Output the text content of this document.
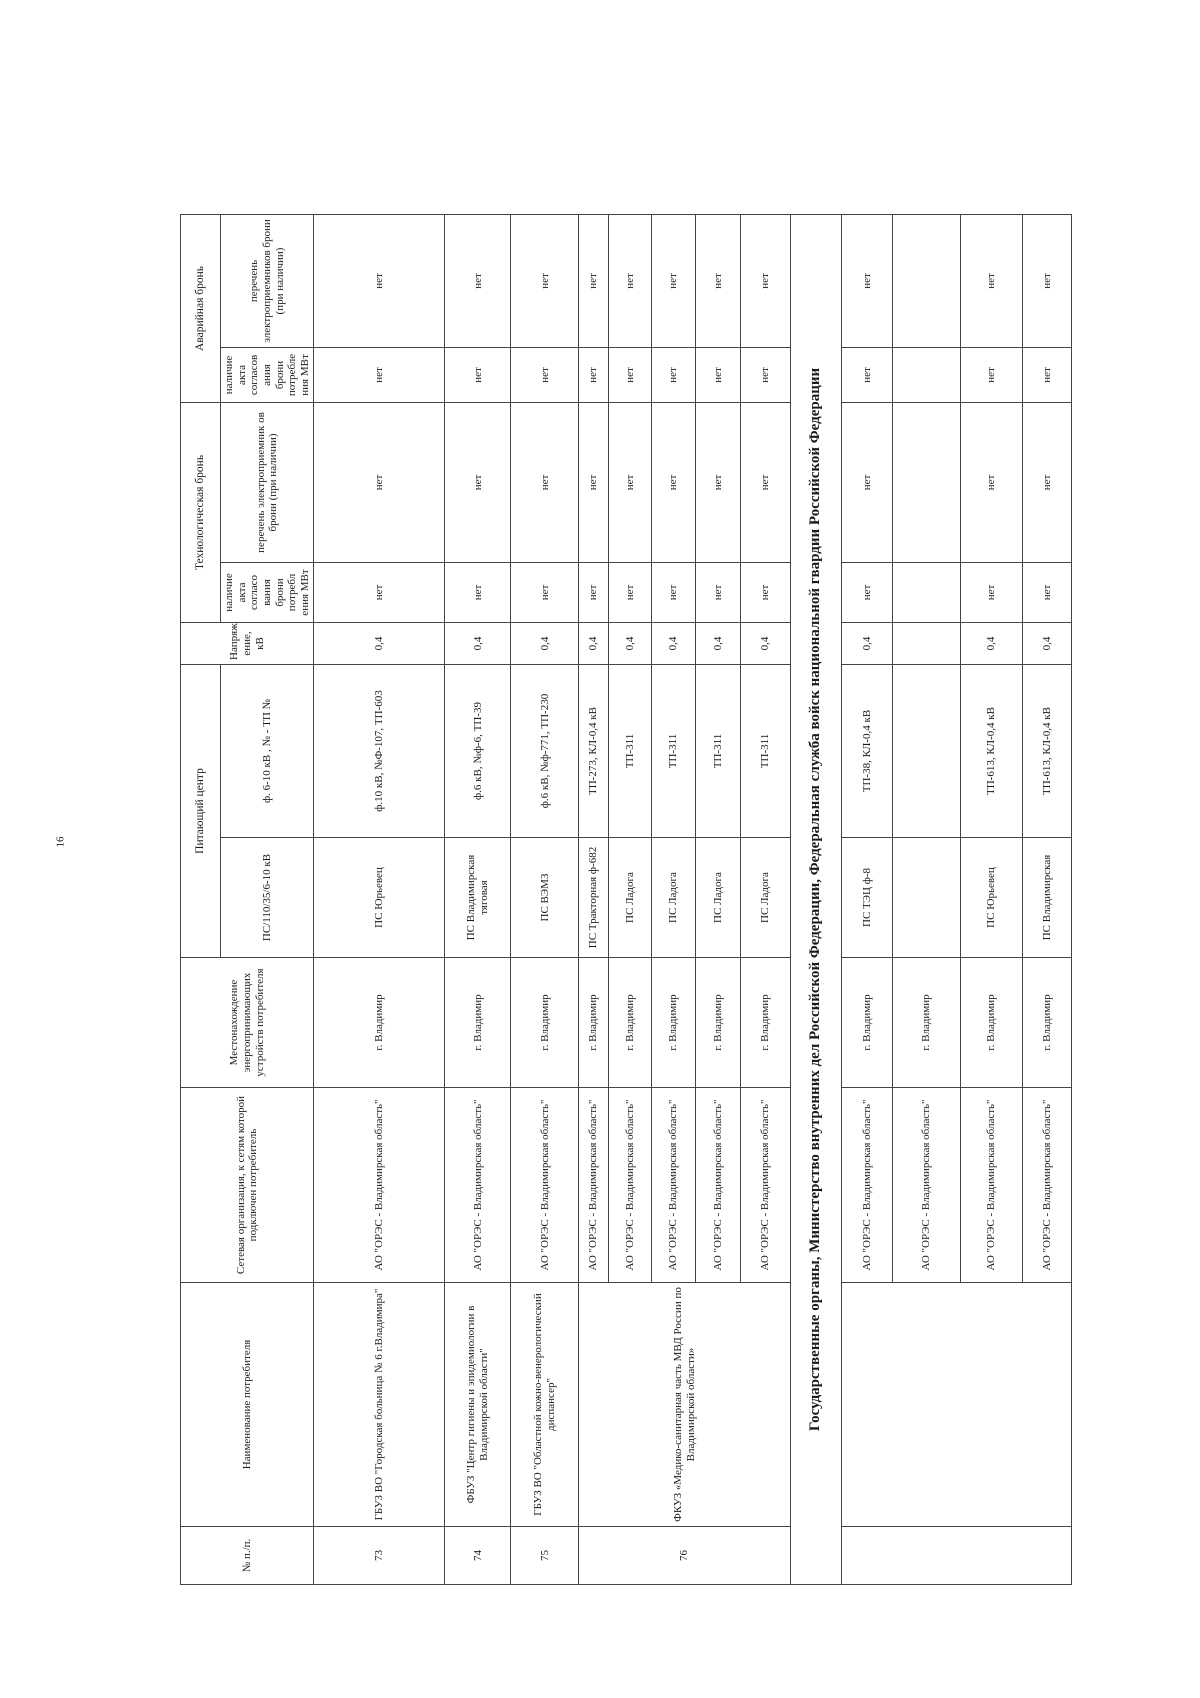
16
№ п./п.	Наименование потребителя	Сетевая организация, к сетям которой подключен потребитель	Местонахождение энергопринимающих устройств потребителя	Питающий центр		Напряж ение, кВ	Технологическая бронь		Аварийная бронь	
				ПС/110/35/6-10 кВ	ф. 6-10 кВ , № - ТП №		наличие акта согласо вания брони потребл ения МВт	перечень электроприемник ов брони (при наличии)	наличие акта согласов ания брони потребле ния МВт	перечень электроприемников брони (при наличии)
73	ГБУЗ ВО "Городская больница № 6 г.Владимира"	АО "ОРЭС - Владимирская область"	г. Владимир	ПС Юрьевец	ф.10 кВ, №Ф-107, ТП-603	0,4	нет	нет	нет	нет
74	ФБУЗ "Центр гигиены и эпидемиологии в Владимирской области"	АО "ОРЭС - Владимирская область"	г. Владимир	ПС Владимирская тяговая	ф.6 кВ, №ф-6, ТП-39	0,4	нет	нет	нет	нет
75	ГБУЗ ВО "Областной кожно-венерологический диспансер"	АО "ОРЭС - Владимирская область"	г. Владимир	ПС ВЭМЗ	ф.6 кВ, №ф-771, ТП-230	0,4	нет	нет	нет	нет
76	ФКУЗ «Медико-санитарная часть МВД России по Владимирской области»	АО "ОРЭС - Владимирская область"	г. Владимир	ПС Тракторная ф-682	ТП-273, КЛ-0,4 кВ	0,4	нет	нет	нет	нет
		АО "ОРЭС - Владимирская область"	г. Владимир	ПС Ладога	ТП-311	0,4	нет	нет	нет	нет
		АО "ОРЭС - Владимирская область"	г. Владимир	ПС Ладога	ТП-311	0,4	нет	нет	нет	нет
		АО "ОРЭС - Владимирская область"	г. Владимир	ПС Ладога	ТП-311	0,4	нет	нет	нет	нет
		АО "ОРЭС - Владимирская область"	г. Владимир	ПС Ладога	ТП-311	0,4	нет	нет	нет	нет
Государственные органы, Министерство внутренних дел Российской Федерации, Федеральная служба войск национальной гвардии Российской Федерации										
		АО "ОРЭС - Владимирская область"	г. Владимир	ПС ТЭЦ ф-8	ТП-38, КЛ-0,4 кВ	0,4	нет	нет	нет	нет
		АО "ОРЭС - Владимирская область"	г. Владимир							
		АО "ОРЭС - Владимирская область"	г. Владимир	ПС Юрьевец	ТП-613, КЛ-0,4 кВ	0,4	нет	нет	нет	нет
		АО "ОРЭС - Владимирская область"	г. Владимир	ПС Владимирская	ТП-613, КЛ-0,4 кВ	0,4	нет	нет	нет	нет
